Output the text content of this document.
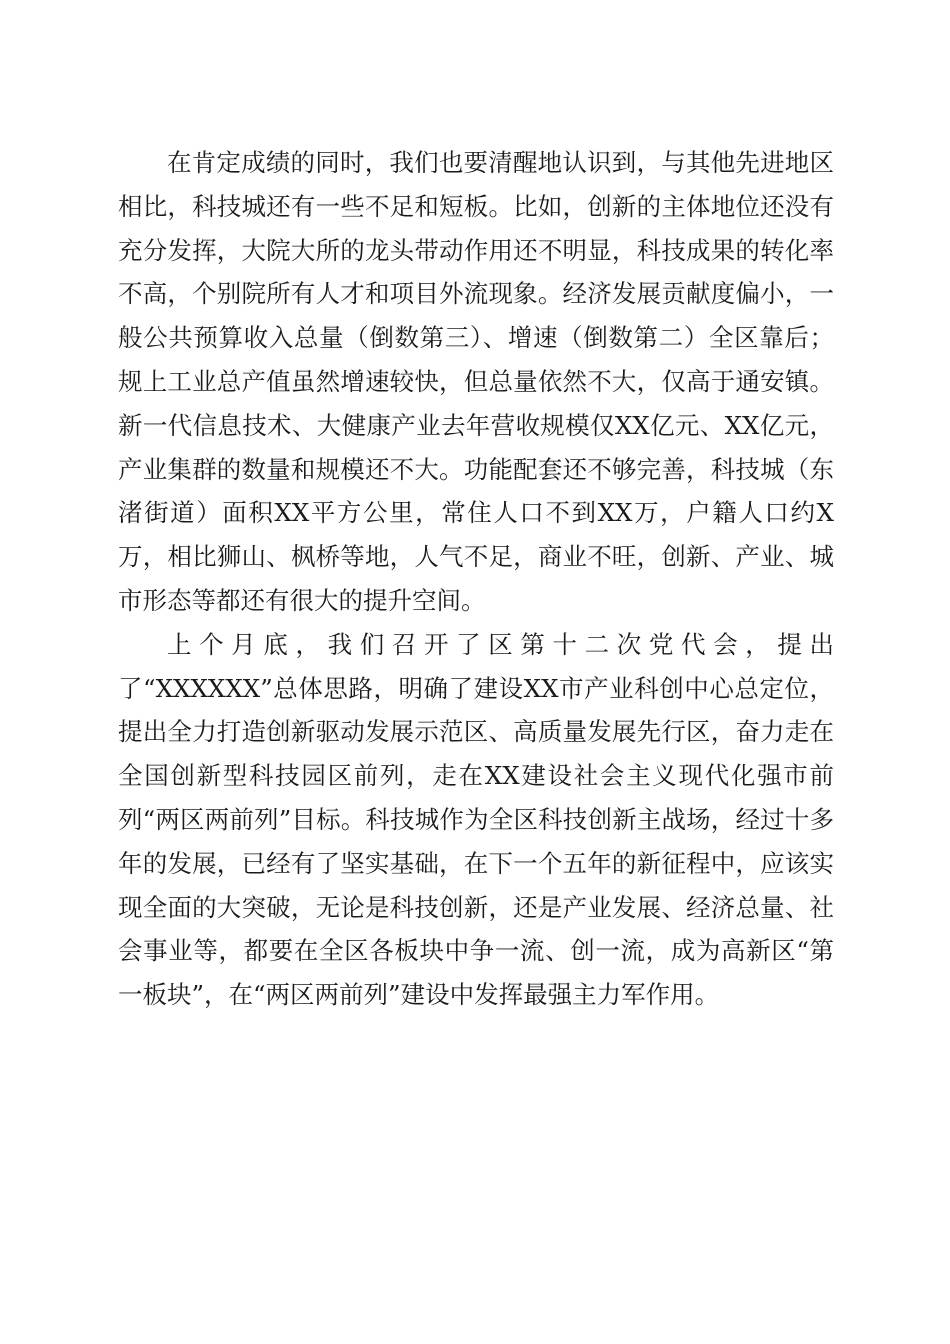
在肯定成绩的同时，我们也要清醒地认识到，与其他先进地区相比，科技城还有一些不足和短板。比如，创新的主体地位还没有充分发挥，大院大所的龙头带动作用还不明显，科技成果的转化率不高，个别院所有人才和项目外流现象。经济发展贡献度偏小，一般公共预算收入总量（倒数第三）、增速（倒数第二）全区靠后；规上工业总产值虽然增速较快，但总量依然不大，仅高于通安镇。新一代信息技术、大健康产业去年营收规模仅XX亿元、XX亿元，产业集群的数量和规模还不大。功能配套还不够完善，科技城（东渚街道）面积XX平方公里，常住人口不到XX万，户籍人口约X万，相比狮山、枫桥等地，人气不足，商业不旺，创新、产业、城市形态等都还有很大的提升空间。

上个月底，我们召开了区第十二次党代会，提出了“XXXXXX”总体思路，明确了建设XX市产业科创中心总定位，提出全力打造创新驱动发展示范区、高质量发展先行区，奋力走在全国创新型科技园区前列，走在XX建设社会主义现代化强市前列“两区两前列”目标。科技城作为全区科技创新主战场，经过十多年的发展，已经有了坚实基础，在下一个五年的新征程中，应该实现全面的大突破，无论是科技创新，还是产业发展、经济总量、社会事业等，都要在全区各板块中争一流、创一流，成为高新区“第一板块”，在“两区两前列”建设中发挥最强主力军作用。
